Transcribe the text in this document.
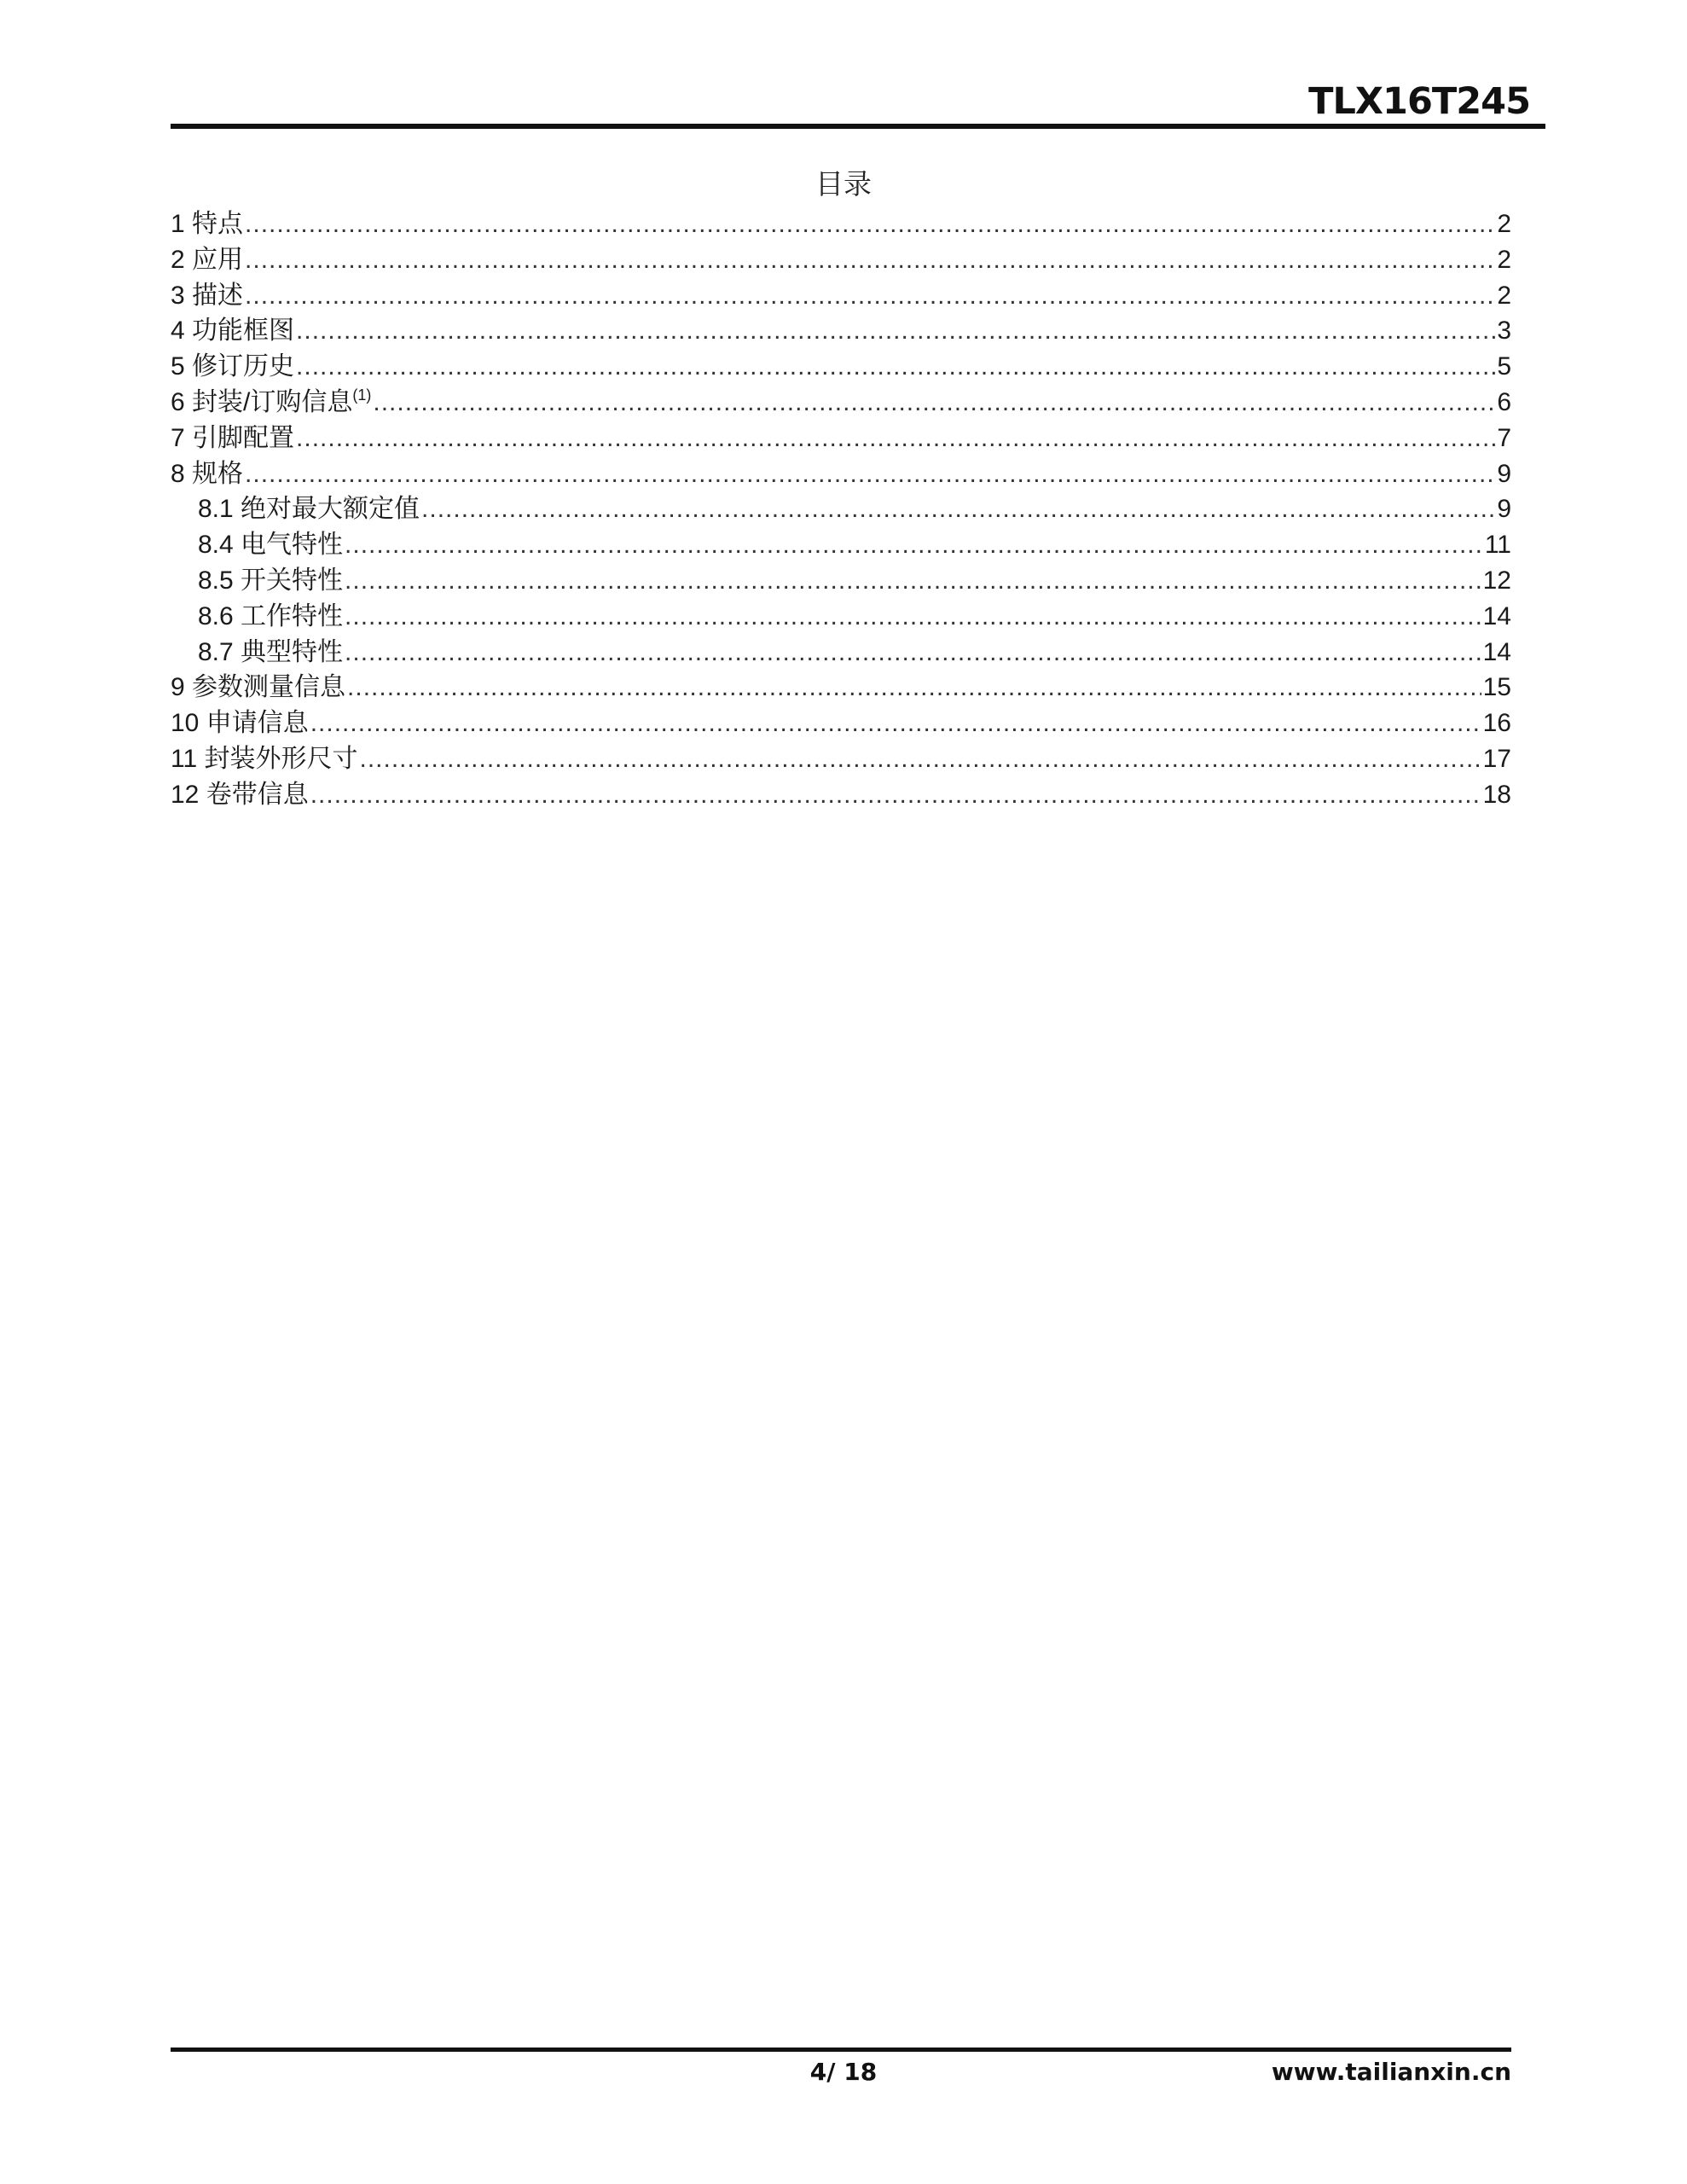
TLX16T245
目录
1 特点 .....	2
2 应用 .....	2
3 描述 .....	2
4 功能框图 .....	3
5 修订历史 .....	5
6 封装/订购信息$^{(1)}$ .....	6
7 引脚配置 .....	7
8 规格 .....	9
8.1 绝对最大额定值 .....	9
8.4 电气特性 .....	11
8.5 开关特性 .....	12
8.6 工作特性 .....	14
8.7 典型特性 .....	14
9 参数测量信息 .....	15
10 申请信息 .....	16
11 封装外形尺寸 .....	17
12 卷带信息 .....	18
4/ 18	www.tailianxin.cn
